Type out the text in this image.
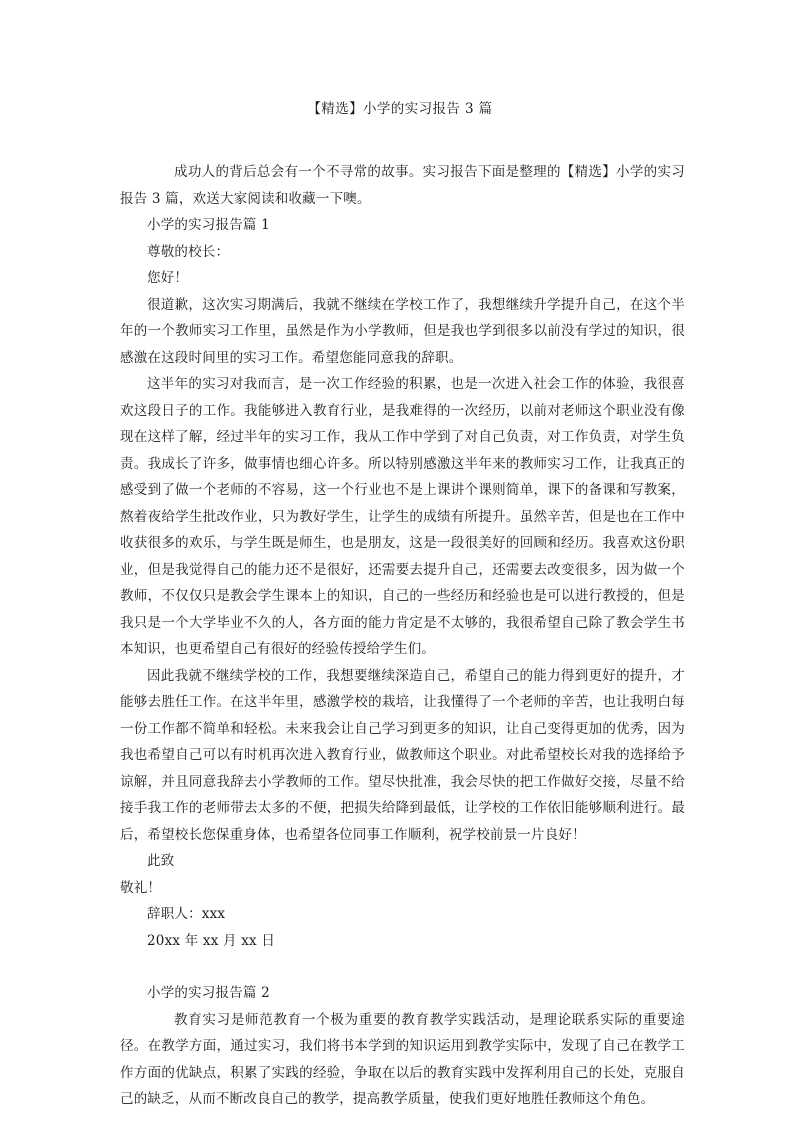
【精选】小学的实习报告 3 篇

成功人的背后总会有一个不寻常的故事。实习报告下面是整理的【精选】小学的实习报告 3 篇，欢送大家阅读和收藏一下噢。

小学的实习报告篇 1

尊敬的校长：

您好！

很道歉，这次实习期满后，我就不继续在学校工作了，我想继续升学提升自己，在这个半年的一个教师实习工作里，虽然是作为小学教师，但是我也学到很多以前没有学过的知识，很感激在这段时间里的实习工作。希望您能同意我的辞职。

这半年的实习对我而言，是一次工作经验的积累，也是一次进入社会工作的体验，我很喜欢这段日子的工作。我能够进入教育行业，是我难得的一次经历，以前对老师这个职业没有像现在这样了解，经过半年的实习工作，我从工作中学到了对自己负责，对工作负责，对学生负责。我成长了许多，做事情也细心许多。所以特别感激这半年来的教师实习工作，让我真正的感受到了做一个老师的不容易，这一个行业也不是上课讲个课则简单，课下的备课和写教案，熬着夜给学生批改作业，只为教好学生，让学生的成绩有所提升。虽然辛苦，但是也在工作中收获很多的欢乐，与学生既是师生，也是朋友，这是一段很美好的回顾和经历。我喜欢这份职业，但是我觉得自己的能力还不是很好，还需要去提升自己，还需要去改变很多，因为做一个教师，不仅仅只是教会学生课本上的知识，自己的一些经历和经验也是可以进行教授的，但是我只是一个大学毕业不久的人，各方面的能力肯定是不太够的，我很希望自己除了教会学生书本知识，也更希望自己有很好的经验传授给学生们。

因此我就不继续学校的工作，我想要继续深造自己，希望自己的能力得到更好的提升，才能够去胜任工作。在这半年里，感激学校的栽培，让我懂得了一个老师的辛苦，也让我明白每一份工作都不简单和轻松。未来我会让自己学习到更多的知识，让自己变得更加的优秀，因为我也希望自己可以有时机再次进入教育行业，做教师这个职业。对此希望校长对我的选择给予谅解，并且同意我辞去小学教师的工作。望尽快批准，我会尽快的把工作做好交接，尽量不给接手我工作的老师带去太多的不便，把损失给降到最低，让学校的工作依旧能够顺利进行。最后，希望校长您保重身体，也希望各位同事工作顺利，祝学校前景一片良好！

此致

敬礼！

辞职人：xxx

20xx 年 xx 月 xx 日

小学的实习报告篇 2

教育实习是师范教育一个极为重要的教育教学实践活动，是理论联系实际的重要途径。在教学方面，通过实习，我们将书本学到的知识运用到教学实际中，发现了自己在教学工作方面的优缺点，积累了实践的经验，争取在以后的教育实践中发挥利用自己的长处，克服自己的缺乏，从而不断改良自己的教学，提高教学质量，使我们更好地胜任教师这个角色。
